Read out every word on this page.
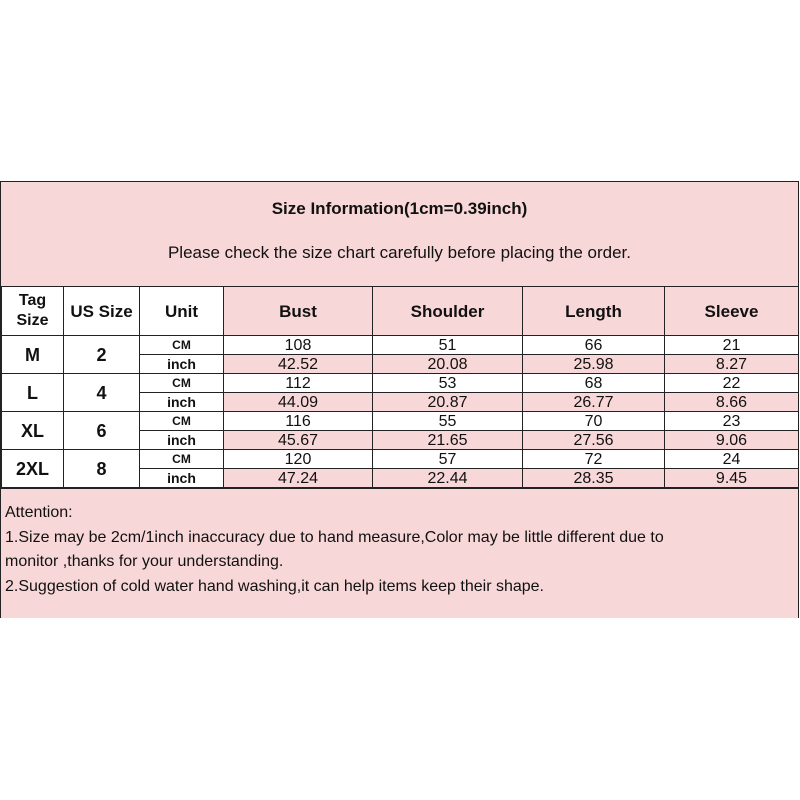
Size Information(1cm=0.39inch)
Please check the size chart carefully before placing the order.
Tag Size	US Size	Unit	Bust	Shoulder	Length	Sleeve
M	2	CM	108	51	66	21
		inch	42.52	20.08	25.98	8.27
L	4	CM	112	53	68	22
		inch	44.09	20.87	26.77	8.66
XL	6	CM	116	55	70	23
		inch	45.67	21.65	27.56	9.06
2XL	8	CM	120	57	72	24
		inch	47.24	22.44	28.35	9.45
Attention:
1.Size may be 2cm/1inch inaccuracy due to hand measure,Color may be little different due to
monitor ,thanks for your understanding.
2.Suggestion of cold water hand washing,it can help items keep their shape.
